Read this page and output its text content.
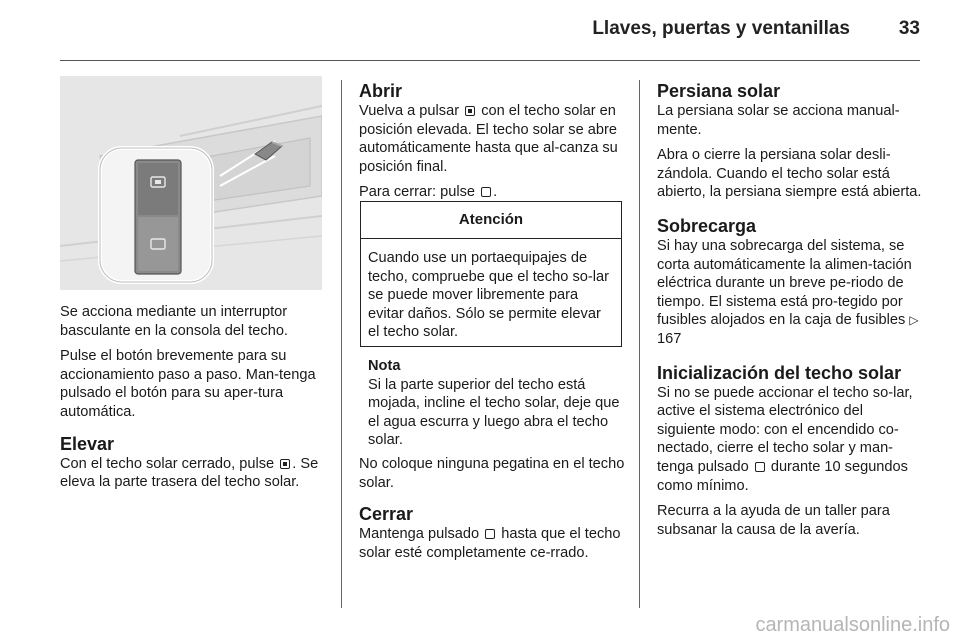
Llaves, puertas y ventanillas	33

Se acciona mediante un interruptor basculante en la consola del techo.

Pulse el botón brevemente para su accionamiento paso a paso. Man-tenga pulsado el botón para su aper-tura automática.

Elevar

Con el techo solar cerrado, pulse . Se eleva la parte trasera del techo solar.

Abrir

Vuelva a pulsar con el techo solar en posición elevada. El techo solar se abre automáticamente hasta que al-canza su posición final.

Para cerrar: pulse .

Atención
Cuando use un portaequipajes de techo, compruebe que el techo so-lar se puede mover libremente para evitar daños. Sólo se permite elevar el techo solar.
Nota
Si la parte superior del techo está mojada, incline el techo solar, deje que el agua escurra y luego abra el techo solar.

No coloque ninguna pegatina en el techo solar.

Cerrar

Mantenga pulsado hasta que el techo solar esté completamente ce-rrado.

Persiana solar

La persiana solar se acciona manual-mente.

Abra o cierre la persiana solar desli-zándola. Cuando el techo solar está abierto, la persiana siempre está abierta.

Sobrecarga

Si hay una sobrecarga del sistema, se corta automáticamente la alimen-tación eléctrica durante un breve pe-riodo de tiempo. El sistema está pro-tegido por fusibles alojados en la caja de fusibles ▷ 167

Inicialización del techo solar

Si no se puede accionar el techo so-lar, active el sistema electrónico del siguiente modo: con el encendido co-nectado, cierre el techo solar y man-tenga pulsado durante 10 segundos como mínimo.

Recurra a la ayuda de un taller para subsanar la causa de la avería.

carmanualsonline.info
